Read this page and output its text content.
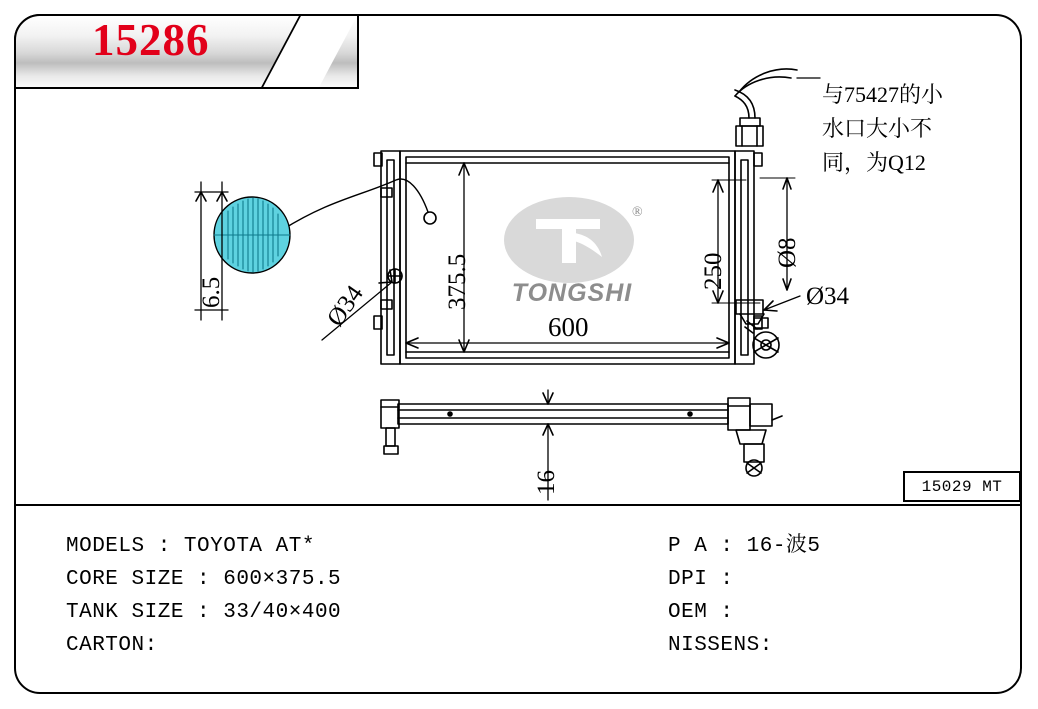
15286
与75427的小
水口大小不
同，为Q12
375.5
600
250
6.5
16
Ø8
Ø34	Ø34
®
TONGSHI
15029 MT
MODELS : TOYOTA AT*
CORE SIZE : 600×375.5
TANK SIZE : 33/40×400
CARTON:
P A : 16-波5
DPI :
OEM :
NISSENS:
